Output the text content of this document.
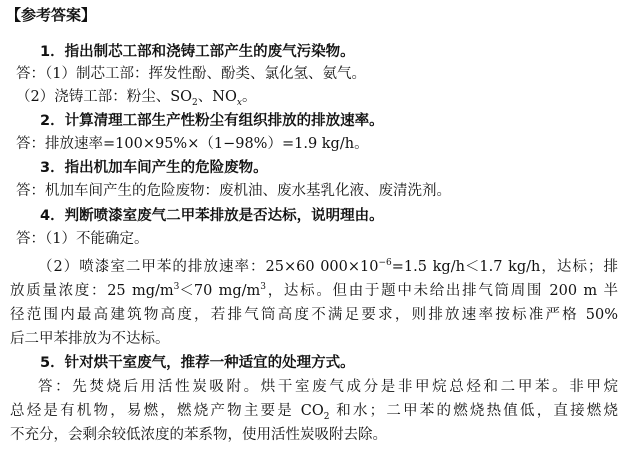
【参考答案】
1．指出制芯工部和浇铸工部产生的废气污染物。
答：（1）制芯工部：挥发性酚、酚类、氯化氢、氨气。
（2）浇铸工部：粉尘、$SO_2$、$NO_x$。
2．计算清理工部生产性粉尘有组织排放的排放速率。
答：排放速率=100×95%×（1−98%）=1.9 kg/h。
3．指出机加车间产生的危险废物。
答：机加车间产生的危险废物：废机油、废水基乳化液、废清洗剂。
4．判断喷漆室废气二甲苯排放是否达标，说明理由。
答：（1）不能确定。
（2）喷漆室二甲苯的排放速率：25×60 $000\times 10^{-6}=1.5$ kg/h＜1.7 kg/h，达标；排
放质量浓度：25 $mg/m^3<70$ $mg/m^3$，达标。但由于题中未给出排气筒周围 200 m 半
径范围内最高建筑物高度，若排气筒高度不满足要求，则排放速率按标准严格 50%
后二甲苯排放为不达标。
5．针对烘干室废气，推荐一种适宜的处理方式。
答：先焚烧后用活性炭吸附。烘干室废气成分是非甲烷总烃和二甲苯。非甲烷
总烃是有机物，易燃，燃烧产物主要是 $CO_2$ 和水；二甲苯的燃烧热值低，直接燃烧
不充分，会剩余较低浓度的苯系物，使用活性炭吸附去除。
